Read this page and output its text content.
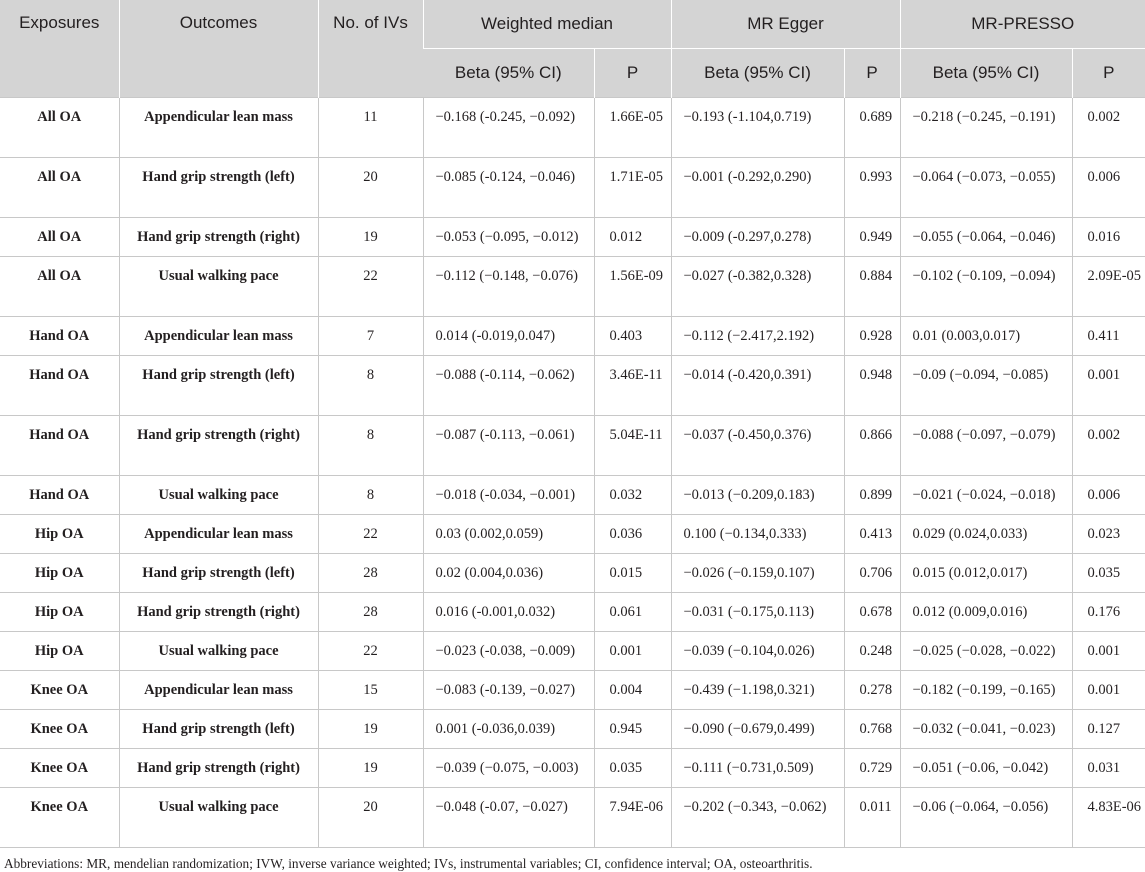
Exposures	Outcomes	No. of IVs	Weighted median		MR Egger		MR-PRESSO	
			Beta (95% CI)	P	Beta (95% CI)	P	Beta (95% CI)	P
All OA	Appendicular lean mass	11	−0.168 (-0.245, −0.092)	1.66E-05	−0.193 (-1.104,0.719)	0.689	−0.218 (−0.245, −0.191)	0.002
All OA	Hand grip strength (left)	20	−0.085 (-0.124, −0.046)	1.71E-05	−0.001 (-0.292,0.290)	0.993	−0.064 (−0.073, −0.055)	0.006
All OA	Hand grip strength (right)	19	−0.053 (−0.095, −0.012)	0.012	−0.009 (-0.297,0.278)	0.949	−0.055 (−0.064, −0.046)	0.016
All OA	Usual walking pace	22	−0.112 (−0.148, −0.076)	1.56E-09	−0.027 (-0.382,0.328)	0.884	−0.102 (−0.109, −0.094)	2.09E-05
Hand OA	Appendicular lean mass	7	0.014 (-0.019,0.047)	0.403	−0.112 (−2.417,2.192)	0.928	0.01 (0.003,0.017)	0.411
Hand OA	Hand grip strength (left)	8	−0.088 (-0.114, −0.062)	3.46E-11	−0.014 (-0.420,0.391)	0.948	−0.09 (−0.094, −0.085)	0.001
Hand OA	Hand grip strength (right)	8	−0.087 (-0.113, −0.061)	5.04E-11	−0.037 (-0.450,0.376)	0.866	−0.088 (−0.097, −0.079)	0.002
Hand OA	Usual walking pace	8	−0.018 (-0.034, −0.001)	0.032	−0.013 (−0.209,0.183)	0.899	−0.021 (−0.024, −0.018)	0.006
Hip OA	Appendicular lean mass	22	0.03 (0.002,0.059)	0.036	0.100 (−0.134,0.333)	0.413	0.029 (0.024,0.033)	0.023
Hip OA	Hand grip strength (left)	28	0.02 (0.004,0.036)	0.015	−0.026 (−0.159,0.107)	0.706	0.015 (0.012,0.017)	0.035
Hip OA	Hand grip strength (right)	28	0.016 (-0.001,0.032)	0.061	−0.031 (−0.175,0.113)	0.678	0.012 (0.009,0.016)	0.176
Hip OA	Usual walking pace	22	−0.023 (-0.038, −0.009)	0.001	−0.039 (−0.104,0.026)	0.248	−0.025 (−0.028, −0.022)	0.001
Knee OA	Appendicular lean mass	15	−0.083 (-0.139, −0.027)	0.004	−0.439 (−1.198,0.321)	0.278	−0.182 (−0.199, −0.165)	0.001
Knee OA	Hand grip strength (left)	19	0.001 (-0.036,0.039)	0.945	−0.090 (−0.679,0.499)	0.768	−0.032 (−0.041, −0.023)	0.127
Knee OA	Hand grip strength (right)	19	−0.039 (−0.075, −0.003)	0.035	−0.111 (−0.731,0.509)	0.729	−0.051 (−0.06, −0.042)	0.031
Knee OA	Usual walking pace	20	−0.048 (-0.07, −0.027)	7.94E-06	−0.202 (−0.343, −0.062)	0.011	−0.06 (−0.064, −0.056)	4.83E-06
Abbreviations: MR, mendelian randomization; IVW, inverse variance weighted; IVs, instrumental variables; CI, confidence interval; OA, osteoarthritis.
